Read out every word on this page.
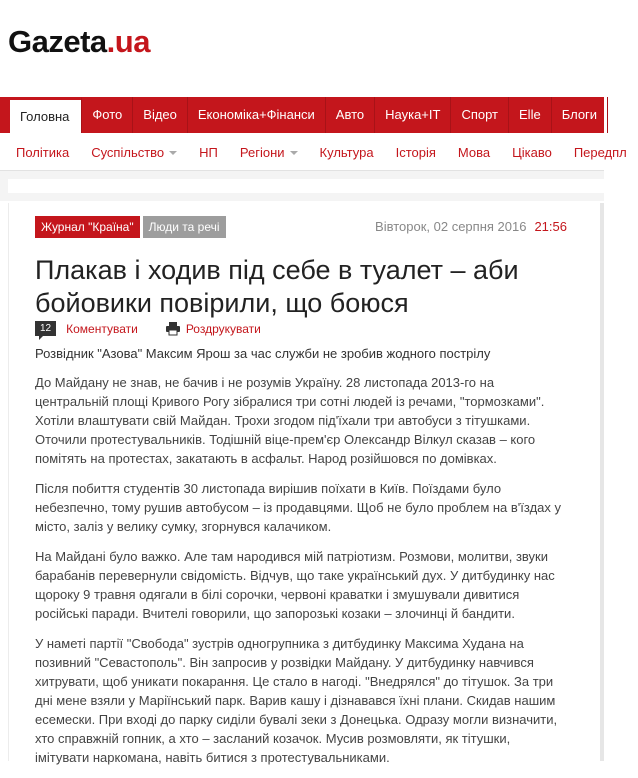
Gazeta.ua
Головна	Фото	Відео	Економіка+Фінанси	Авто	Наука+IT	Спорт	Elle	Блоги
Політика	Суспільство	НП	Регіони	Культура	Історія	Мова	Цікаво	Передпл
Журнал "Країна"	Люди та речі	Вівторок, 02 серпня 2016 21:56
Плакав і ходив під себе в туалет – аби бойовики повірили, що боюся
12	Коментувати	Роздрукувати
Розвідник "Азова" Максим Ярош за час служби не зробив жодного пострілу

До Майдану не знав, не бачив і не розумів Україну. 28 листопада 2013-го на центральній площі Кривого Рогу зібралися три сотні людей із речами, "тормозками". Хотіли влаштувати свій Майдан. Трохи згодом під'їхали три автобуси з тітушками. Оточили протестувальників. Тодішній віце-прем'єр Олександр Вілкул сказав – кого помітять на протестах, закатають в асфальт. Народ розійшовся по домівках.

Після побиття студентів 30 листопада вирішив поїхати в Київ. Поїздами було небезпечно, тому рушив автобусом – із продавцями. Щоб не було проблем на в'їздах у місто, заліз у велику сумку, згорнувся калачиком.

На Майдані було важко. Але там народився мій патріотизм. Розмови, молитви, звуки барабанів перевернули свідомість. Відчув, що таке український дух. У дитбудинку нас щороку 9 травня одягали в білі сорочки, червоні краватки і змушували дивитися російські паради. Вчителі говорили, що запорозькі козаки – злочинці й бандити.

У наметі партії "Свобода" зустрів одногрупника з дитбудинку Максима Худана на позивний "Севастополь". Він запросив у розвідки Майдану. У дитбудинку навчився хитрувати, щоб уникати покарання. Це стало в нагоді. "Внедрялся" до тітушок. За три дні мене взяли у Маріїнський парк. Варив кашу і дізнавався їхні плани. Скидав нашим есемески. При вході до парку сиділи бувалі зеки з Донецька. Одразу могли визначити, хто справжній гопник, а хто – засланий козачок. Мусив розмовляти, як тітушки, імітувати наркомана, навіть битися з протестувальниками.
